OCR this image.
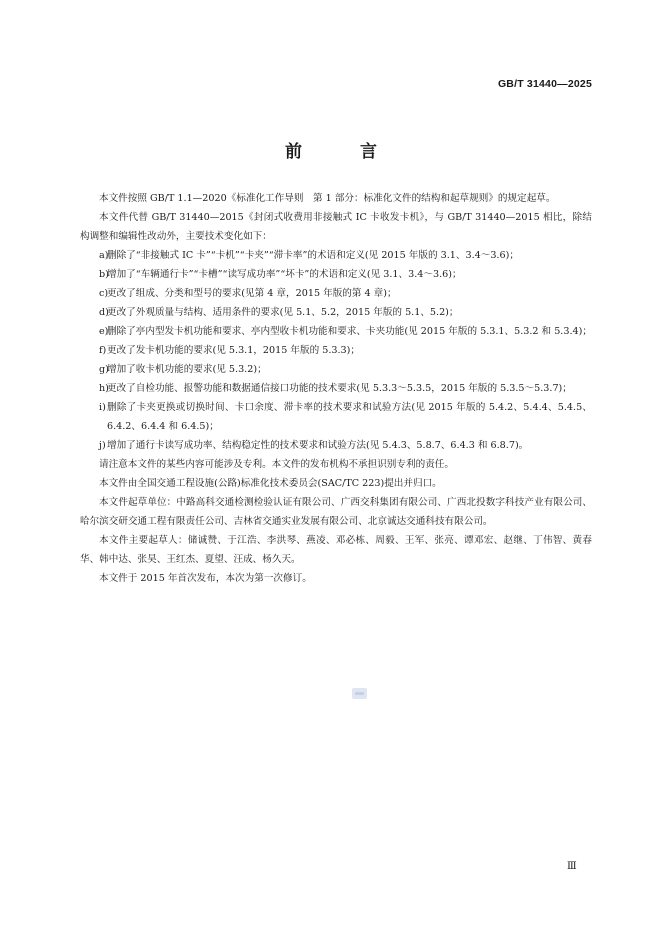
GB/T 31440—2025
前 言

本文件按照 GB/T 1.1—2020《标准化工作导则　第 1 部分：标准化文件的结构和起草规则》的规定起草。

本文件代替 GB/T 31440—2015《封闭式收费用非接触式 IC 卡收发卡机》，与 GB/T 31440—2015 相比，除结构调整和编辑性改动外，主要技术变化如下：

a)
删除了“非接触式 IC 卡”“卡机”“卡夹”“滞卡率”的术语和定义(见 2015 年版的 3.1、3.4～3.6)；
b)
增加了“车辆通行卡”“卡槽”“读写成功率”“坏卡”的术语和定义(见 3.1、3.4～3.6)；
c)
更改了组成、分类和型号的要求(见第 4 章，2015 年版的第 4 章)；
d)
更改了外观质量与结构、适用条件的要求(见 5.1、5.2，2015 年版的 5.1、5.2)；
e)
删除了亭内型发卡机功能和要求、亭内型收卡机功能和要求、卡夹功能(见 2015 年版的 5.3.1、5.3.2 和 5.3.4)；
f) 更改了发卡机功能的要求(见 5.3.1，2015 年版的 5.3.3)；
g)
增加了收卡机功能的要求(见 5.3.2)；
h)
更改了自检功能、报警功能和数据通信接口功能的技术要求(见 5.3.3～5.3.5，2015 年版的 5.3.5～5.3.7)；
i) 删除了卡夹更换或切换时间、卡口余度、滞卡率的技术要求和试验方法(见 2015 年版的 5.4.2、5.4.4、5.4.5、6.4.2、6.4.4 和 6.4.5)；
j) 增加了通行卡读写成功率、结构稳定性的技术要求和试验方法(见 5.4.3、5.8.7、6.4.3 和 6.8.7)。

请注意本文件的某些内容可能涉及专利。本文件的发布机构不承担识别专利的责任。

本文件由全国交通工程设施(公路)标准化技术委员会(SAC/TC 223)提出并归口。

本文件起草单位：中路高科交通检测检验认证有限公司、广西交科集团有限公司、广西北投数字科技产业有限公司、哈尔滨交研交通工程有限责任公司、吉林省交通实业发展有限公司、北京诚达交通科技有限公司。

本文件主要起草人：储诚赞、于江浩、李洪琴、燕凌、邓必栋、周毅、王军、张亮、谭邓宏、赵继、丁伟智、黄春华、韩中达、张昊、王红杰、夏望、汪成、杨久天。

本文件于 2015 年首次发布，本次为第一次修订。

Ⅲ
